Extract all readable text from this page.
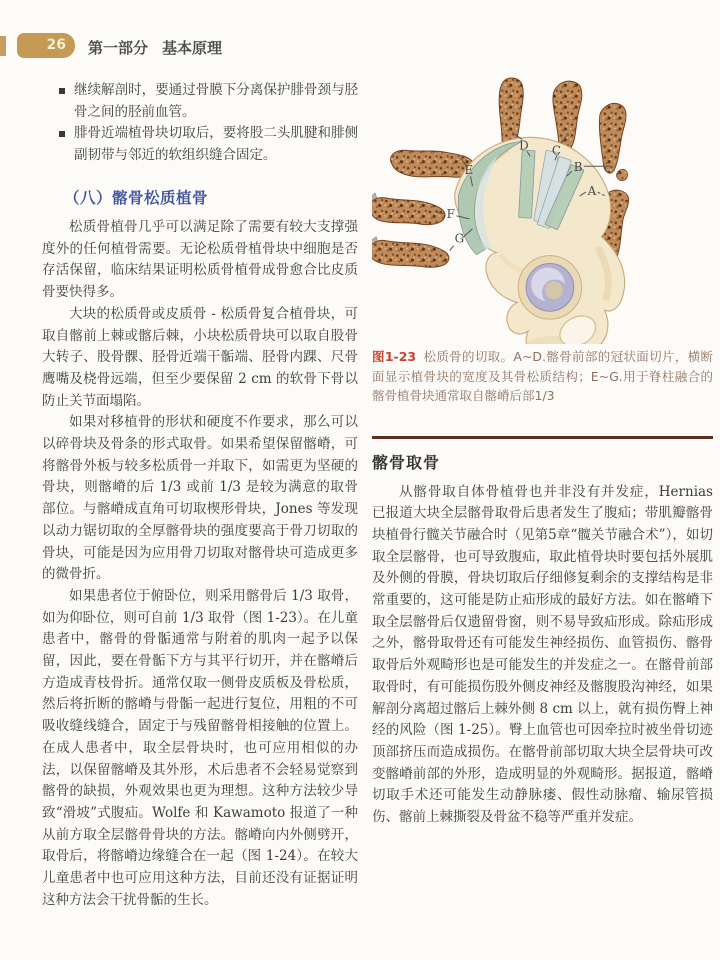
26	第一部分 基本原理
继续解剖时，要通过骨膜下分离保护腓骨颈与胫骨之间的胫前血管。
腓骨近端植骨块切取后，要将股二头肌腱和腓侧副韧带与邻近的软组织缝合固定。
（八）髂骨松质植骨

松质骨植骨几乎可以满足除了需要有较大支撑强度外的任何植骨需要。无论松质骨植骨块中细胞是否存活保留，临床结果证明松质骨植骨成骨愈合比皮质骨要快得多。

大块的松质骨或皮质骨 - 松质骨复合植骨块，可取自髂前上棘或髂后棘，小块松质骨块可以取自股骨大转子、股骨髁、胫骨近端干骺端、胫骨内踝、尺骨鹰嘴及桡骨远端，但至少要保留 2 cm 的软骨下骨以防止关节面塌陷。

如果对移植骨的形状和硬度不作要求，那么可以以碎骨块及骨条的形式取骨。如果希望保留髂嵴，可将髂骨外板与较多松质骨一并取下，如需更为坚硬的骨块，则髂嵴的后 1/3 或前 1/3 是较为满意的取骨部位。与髂嵴成直角可切取楔形骨块，Jones 等发现以动力锯切取的全厚髂骨块的强度要高于骨刀切取的骨块，可能是因为应用骨刀切取对髂骨块可造成更多的微骨折。

如果患者位于俯卧位，则采用髂骨后 1/3 取骨，如为仰卧位，则可自前 1/3 取骨（图 1-23）。在儿童患者中，髂骨的骨骺通常与附着的肌肉一起予以保留，因此，要在骨骺下方与其平行切开，并在髂嵴后方造成青枝骨折。通常仅取一侧骨皮质板及骨松质，然后将折断的髂嵴与骨骺一起进行复位，用粗的不可吸收缝线缝合，固定于与残留髂骨相接触的位置上。在成人患者中，取全层骨块时，也可应用相似的办法，以保留髂嵴及其外形，术后患者不会轻易觉察到髂骨的缺损，外观效果也更为理想。这种方法较少导致“滑坡”式腹疝。Wolfe 和 Kawamoto 报道了一种从前方取全层髂骨骨块的方法。髂嵴向内外侧劈开，取骨后，将髂嵴边缘缝合在一起（图 1-24）。在较大儿童患者中也可应用这种方法，目前还没有证据证明这种方法会干扰骨骺的生长。

D C
B
A
E
F
G
图1-23 松质骨的切取。A~D.髂骨前部的冠状面切片，横断面显示植骨块的宽度及其骨松质结构；E~G.用于脊柱融合的髂骨植骨块通常取自髂嵴后部1/3
髂骨取骨

从髂骨取自体骨植骨也并非没有并发症，Hernias 已报道大块全层髂骨取骨后患者发生了腹疝；带肌瓣髂骨块植骨行髋关节融合时（见第5章“髋关节融合术”），如切取全层髂骨，也可导致腹疝，取此植骨块时要包括外展肌及外侧的骨膜，骨块切取后仔细修复剩余的支撑结构是非常重要的，这可能是防止疝形成的最好方法。如在髂嵴下取全层髂骨后仅遗留骨窗，则不易导致疝形成。除疝形成之外，髂骨取骨还有可能发生神经损伤、血管损伤、髂骨取骨后外观畸形也是可能发生的并发症之一。在髂骨前部取骨时，有可能损伤股外侧皮神经及髂腹股沟神经，如果解剖分离超过髂后上棘外侧 8 cm 以上，就有损伤臀上神经的风险（图 1-25）。臀上血管也可因牵拉时被坐骨切迹顶部挤压而造成损伤。在髂骨前部切取大块全层骨块可改变髂嵴前部的外形，造成明显的外观畸形。据报道，髂嵴切取手术还可能发生动静脉瘘、假性动脉瘤、输尿管损伤、髂前上棘撕裂及骨盆不稳等严重并发症。
